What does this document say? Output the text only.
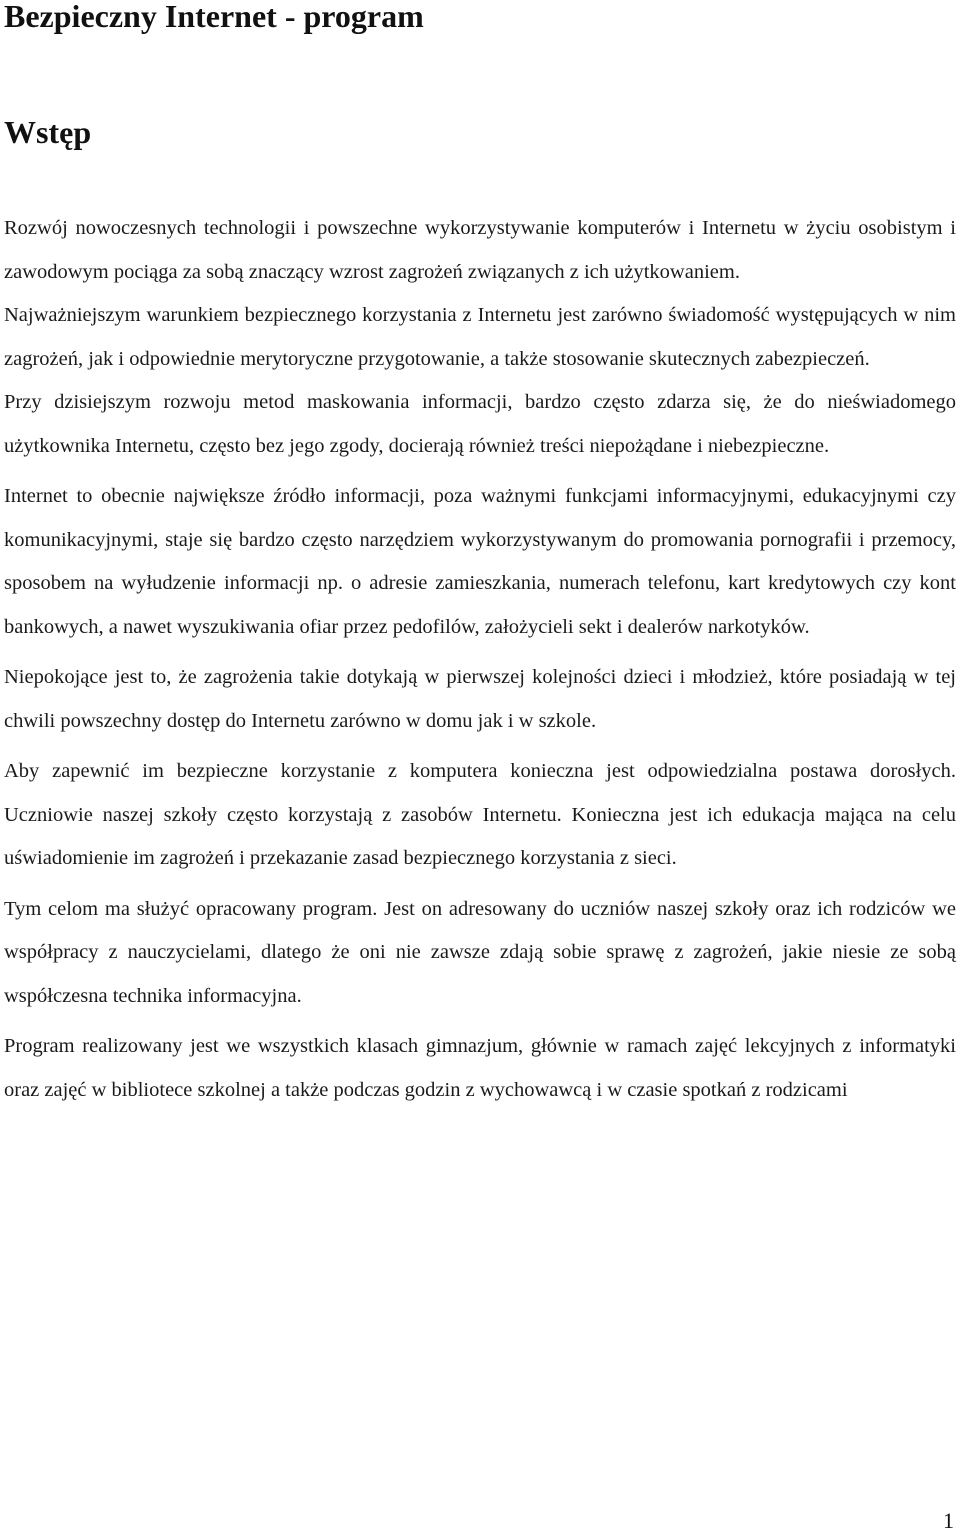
Bezpieczny Internet - program
Wstęp

Rozwój nowoczesnych technologii i powszechne wykorzystywanie komputerów i Internetu w życiu osobistym i zawodowym pociąga za sobą znaczący wzrost zagrożeń związanych z ich użytkowaniem.

Najważniejszym warunkiem bezpiecznego korzystania z Internetu jest zarówno świadomość występujących w nim zagrożeń, jak i odpowiednie merytoryczne przygotowanie, a także stosowanie skutecznych zabezpieczeń.

Przy dzisiejszym rozwoju metod maskowania informacji, bardzo często zdarza się, że do nieświadomego użytkownika Internetu, często bez jego zgody, docierają również treści niepożądane i niebezpieczne.

Internet to obecnie największe źródło informacji, poza ważnymi funkcjami informacyjnymi, edukacyjnymi czy komunikacyjnymi, staje się bardzo często narzędziem wykorzystywanym do promowania pornografii i przemocy, sposobem na wyłudzenie informacji np. o adresie zamieszkania, numerach telefonu, kart kredytowych czy kont bankowych, a nawet wyszukiwania ofiar przez pedofilów, założycieli sekt i dealerów narkotyków.

Niepokojące jest to, że zagrożenia takie dotykają w pierwszej kolejności dzieci i młodzież, które posiadają w tej chwili powszechny dostęp do Internetu zarówno w domu jak i w szkole.

Aby zapewnić im bezpieczne korzystanie z komputera konieczna jest odpowiedzialna postawa dorosłych. Uczniowie naszej szkoły często korzystają z zasobów Internetu. Konieczna jest ich edukacja mająca na celu uświadomienie im zagrożeń i przekazanie zasad bezpiecznego korzystania z sieci.

Tym celom ma służyć opracowany program. Jest on adresowany do uczniów naszej szkoły oraz ich rodziców we współpracy z nauczycielami, dlatego że oni nie zawsze zdają sobie sprawę z zagrożeń, jakie niesie ze sobą współczesna technika informacyjna.

Program realizowany jest we wszystkich klasach gimnazjum, głównie w ramach zajęć lekcyjnych z informatyki oraz zajęć w bibliotece szkolnej a także podczas godzin z wychowawcą i w czasie spotkań z rodzicami

1
